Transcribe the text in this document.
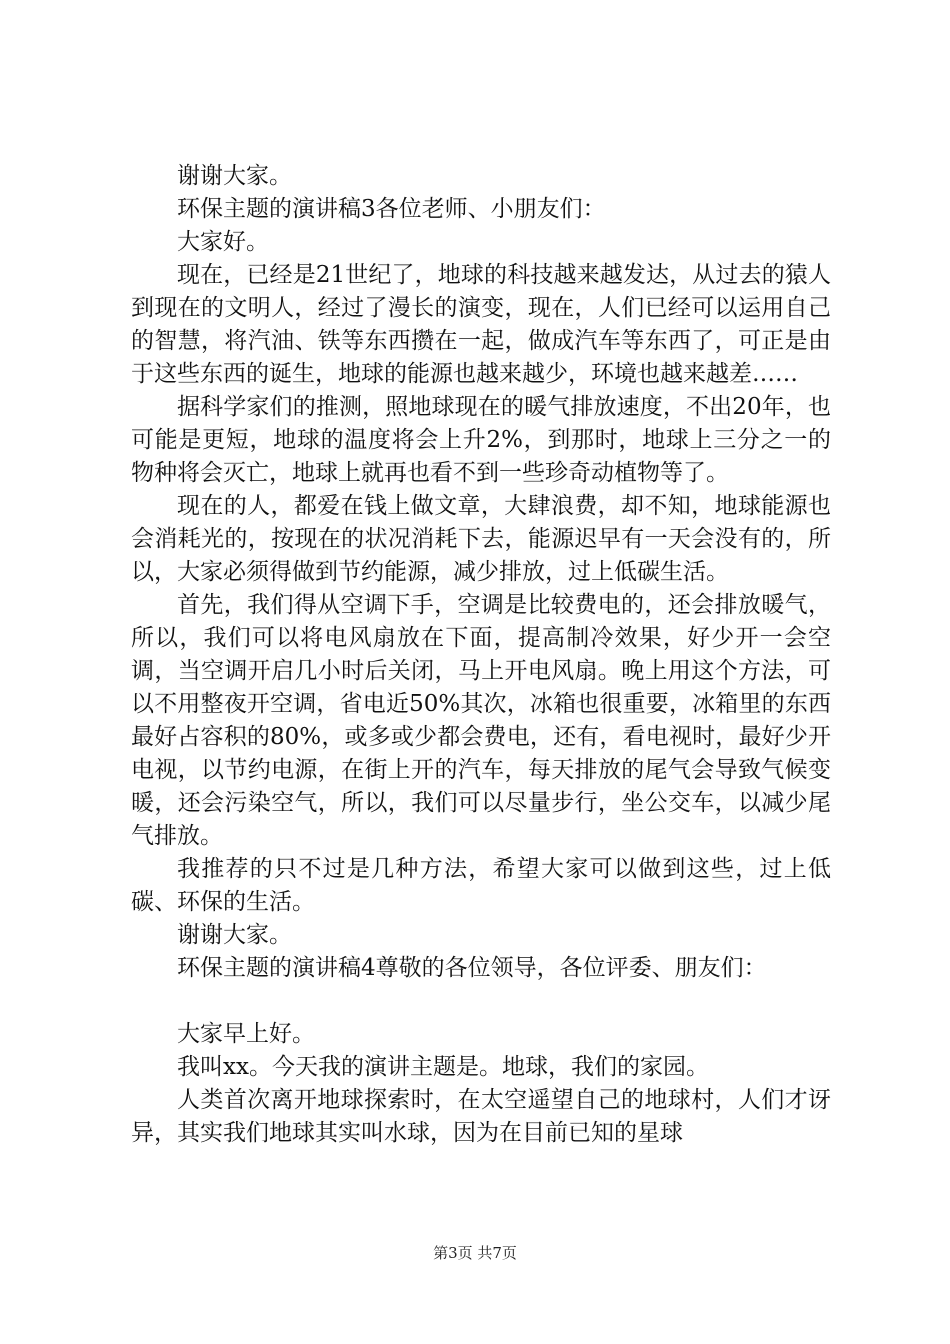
谢谢大家。

环保主题的演讲稿3各位老师、小朋友们：

大家好。

现在，已经是21世纪了，地球的科技越来越发达，从过去的猿人到现在的文明人，经过了漫长的演变，现在，人们已经可以运用自己的智慧，将汽油、铁等东西攒在一起，做成汽车等东西了，可正是由于这些东西的诞生，地球的能源也越来越少，环境也越来越差……

据科学家们的推测，照地球现在的暖气排放速度，不出20年，也可能是更短，地球的温度将会上升2%，到那时，地球上三分之一的物种将会灭亡，地球上就再也看不到一些珍奇动植物等了。

现在的人，都爱在钱上做文章，大肆浪费，却不知，地球能源也会消耗光的，按现在的状况消耗下去，能源迟早有一天会没有的，所以，大家必须得做到节约能源，减少排放，过上低碳生活。

首先，我们得从空调下手，空调是比较费电的，还会排放暖气，所以，我们可以将电风扇放在下面，提高制冷效果，好少开一会空调，当空调开启几小时后关闭，马上开电风扇。晚上用这个方法，可以不用整夜开空调，省电近50%其次，冰箱也很重要，冰箱里的东西最好占容积的80%，或多或少都会费电，还有，看电视时，最好少开电视，以节约电源，在街上开的汽车，每天排放的尾气会导致气候变暖，还会污染空气，所以，我们可以尽量步行，坐公交车，以减少尾气排放。

我推荐的只不过是几种方法，希望大家可以做到这些，过上低碳、环保的生活。

谢谢大家。

环保主题的演讲稿4尊敬的各位领导，各位评委、朋友们：

大家早上好。

我叫xx。今天我的演讲主题是。地球，我们的家园。

人类首次离开地球探索时，在太空遥望自己的地球村，人们才讶异，其实我们地球其实叫水球，因为在目前已知的星球

第3页 共7页
